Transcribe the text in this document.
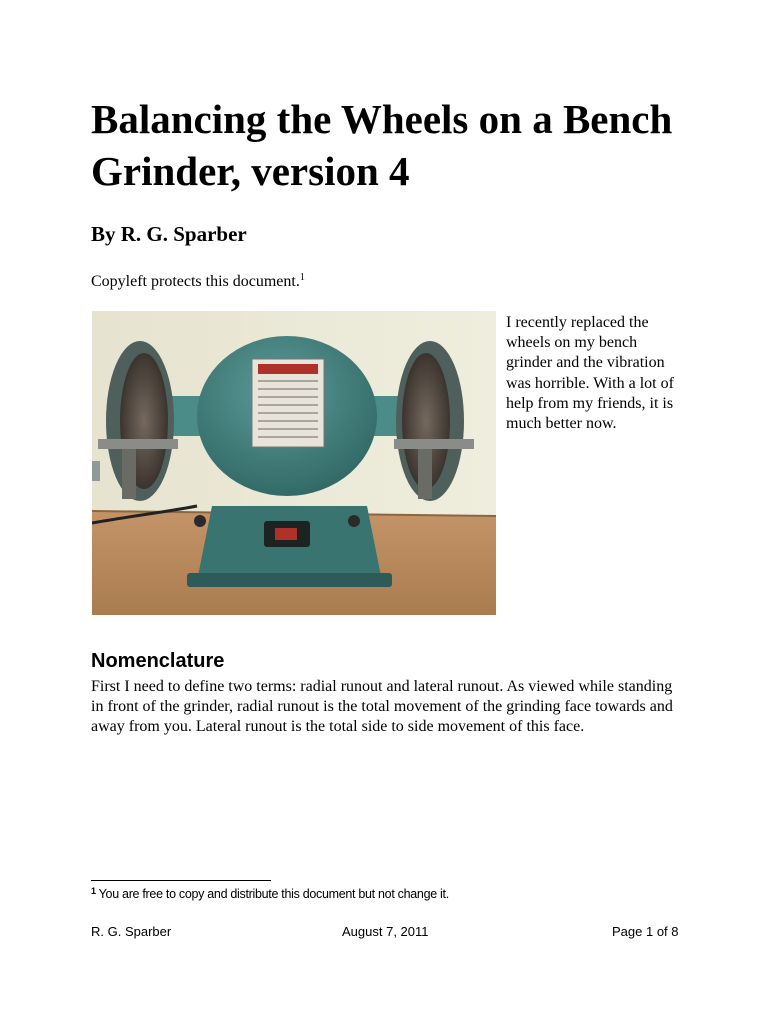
Balancing the Wheels on a Bench Grinder, version 4
By R. G. Sparber
Copyleft protects this document.$^1$
I recently replaced the wheels on my bench grinder and the vibration was horrible. With a lot of help from my friends, it is much better now.
Nomenclature
First I need to define two terms: radial runout and lateral runout. As viewed while standing in front of the grinder, radial runout is the total movement of the grinding face towards and away from you. Lateral runout is the total side to side movement of this face.
$^1$ You are free to copy and distribute this document but not change it.
R. G. Sparber	August 7, 2011	Page 1 of 8
